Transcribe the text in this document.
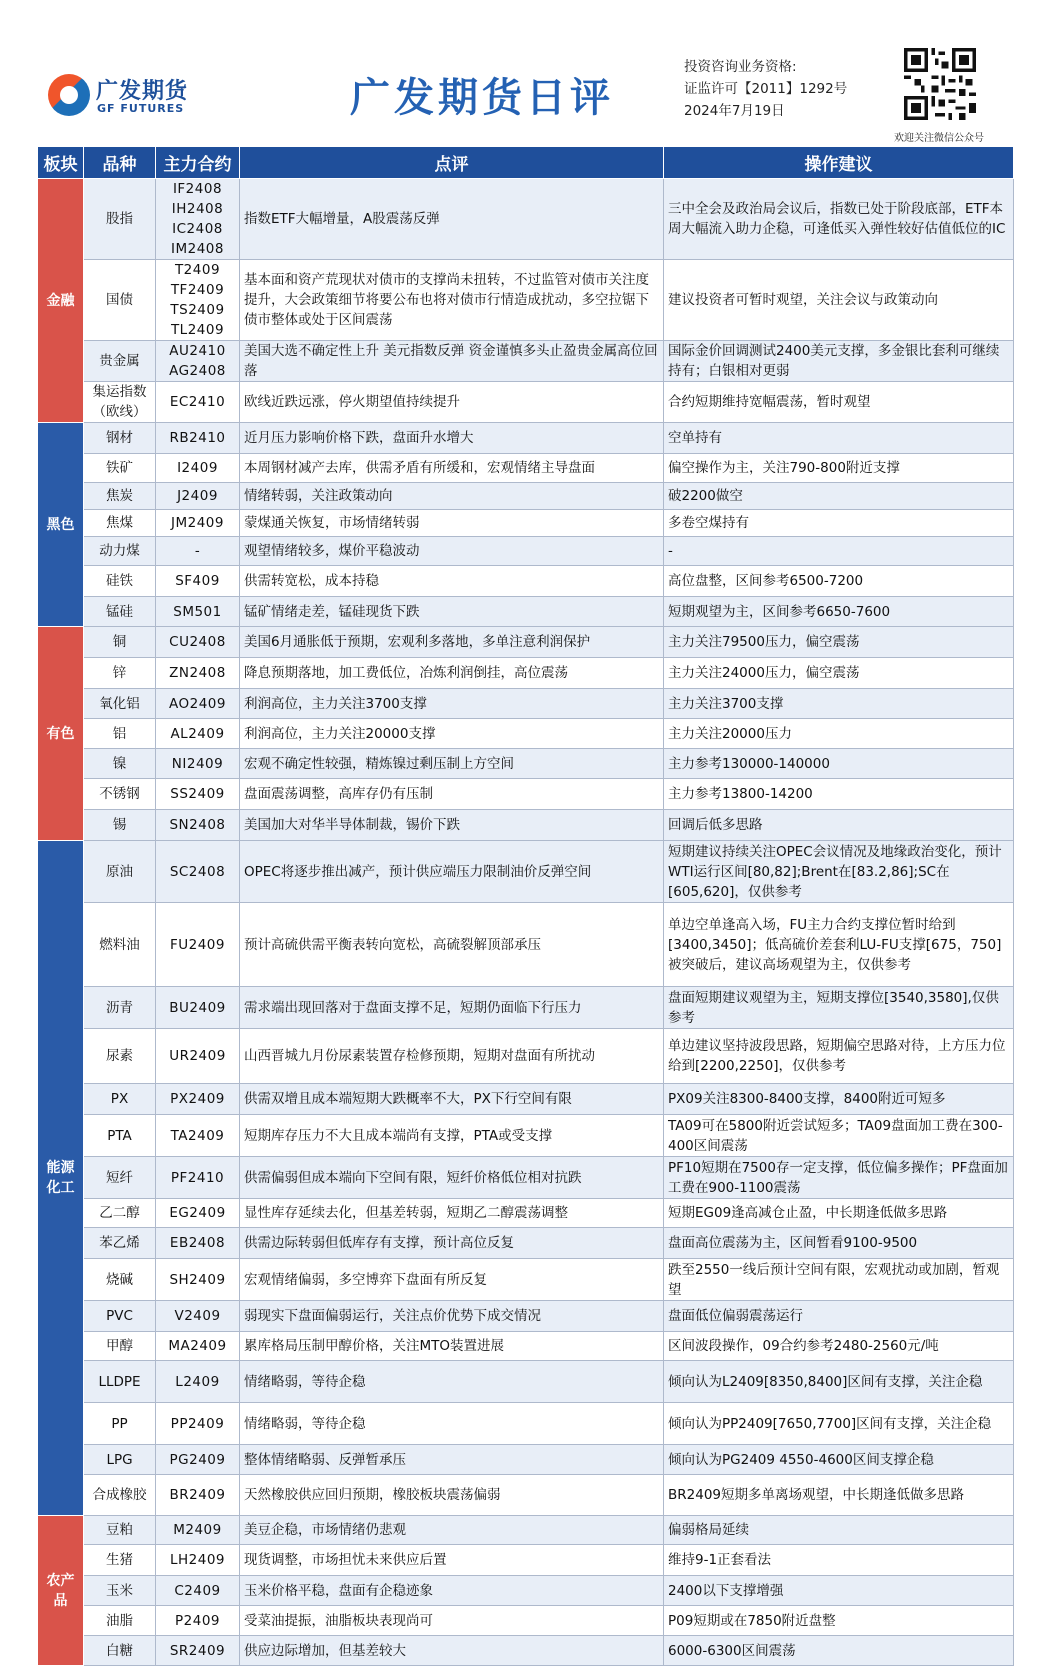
广发期货
GF FUTURES	广发期货日评
投资咨询业务资格:
证监许可【2011】1292号
2024年7月19日
欢迎关注微信公众号
板块	品种	主力合约	点评	操作建议
金融	股指	IF2408
IH2408
IC2408
IM2408	指数ETF大幅增量，A股震荡反弹	三中全会及政治局会议后，指数已处于阶段底部，ETF本周大幅流入助力企稳，可逢低买入弹性较好估值低位的IC
	国债	T2409
TF2409
TS2409
TL2409	基本面和资产荒现状对债市的支撑尚未扭转，不过监管对债市关注度提升，大会政策细节将要公布也将对债市行情造成扰动，多空拉锯下债市整体或处于区间震荡	建议投资者可暂时观望，关注会议与政策动向
	贵金属	AU2410
AG2408	美国大选不确定性上升 美元指数反弹 资金谨慎多头止盈贵金属高位回落	国际金价回调测试2400美元支撑，多金银比套利可继续持有；白银相对更弱
	集运指数（欧线）	EC2410	欧线近跌远涨，停火期望值持续提升	合约短期维持宽幅震荡，暂时观望
黑色	钢材	RB2410	近月压力影响价格下跌，盘面升水增大	空单持有
	铁矿	I2409	本周钢材减产去库，供需矛盾有所缓和，宏观情绪主导盘面	偏空操作为主，关注790-800附近支撑
	焦炭	J2409	情绪转弱，关注政策动向	破2200做空
	焦煤	JM2409	蒙煤通关恢复，市场情绪转弱	多卷空煤持有
	动力煤	-	观望情绪较多，煤价平稳波动	-
	硅铁	SF409	供需转宽松，成本持稳	高位盘整，区间参考6500-7200
	锰硅	SM501	锰矿情绪走差，锰硅现货下跌	短期观望为主，区间参考6650-7600
有色	铜	CU2408	美国6月通胀低于预期，宏观利多落地，多单注意利润保护	主力关注79500压力，偏空震荡
	锌	ZN2408	降息预期落地，加工费低位，冶炼利润倒挂，高位震荡	主力关注24000压力，偏空震荡
	氧化铝	AO2409	利润高位，主力关注3700支撑	主力关注3700支撑
	铝	AL2409	利润高位，主力关注20000支撑	主力关注20000压力
	镍	NI2409	宏观不确定性较强，精炼镍过剩压制上方空间	主力参考130000-140000
	不锈钢	SS2409	盘面震荡调整，高库存仍有压制	主力参考13800-14200
	锡	SN2408	美国加大对华半导体制裁，锡价下跌	回调后低多思路
能源
化工	原油	SC2408	OPEC将逐步推出减产，预计供应端压力限制油价反弹空间	短期建议持续关注OPEC会议情况及地缘政治变化，预计WTI运行区间[80,82];Brent在[83.2,86];SC在[605,620]，仅供参考
	燃料油	FU2409	预计高硫供需平衡表转向宽松，高硫裂解顶部承压	单边空单逢高入场，FU主力合约支撑位暂时给到[3400,3450]；低高硫价差套利LU-FU支撑[675，750]被突破后，建议高场观望为主，仅供参考
	沥青	BU2409	需求端出现回落对于盘面支撑不足，短期仍面临下行压力	盘面短期建议观望为主，短期支撑位[3540,3580],仅供参考
	尿素	UR2409	山西晋城九月份尿素装置存检修预期，短期对盘面有所扰动	单边建议坚持波段思路，短期偏空思路对待，上方压力位给到[2200,2250]，仅供参考
	PX	PX2409	供需双增且成本端短期大跌概率不大，PX下行空间有限	PX09关注8300-8400支撑，8400附近可短多
	PTA	TA2409	短期库存压力不大且成本端尚有支撑，PTA或受支撑	TA09可在5800附近尝试短多；TA09盘面加工费在300-400区间震荡
	短纤	PF2410	供需偏弱但成本端向下空间有限，短纤价格低位相对抗跌	PF10短期在7500存一定支撑，低位偏多操作；PF盘面加工费在900-1100震荡
	乙二醇	EG2409	显性库存延续去化，但基差转弱，短期乙二醇震荡调整	短期EG09逢高减仓止盈，中长期逢低做多思路
	苯乙烯	EB2408	供需边际转弱但低库存有支撑，预计高位反复	盘面高位震荡为主，区间暂看9100-9500
	烧碱	SH2409	宏观情绪偏弱，多空博弈下盘面有所反复	跌至2550一线后预计空间有限，宏观扰动或加剧，暂观望
	PVC	V2409	弱现实下盘面偏弱运行，关注点价优势下成交情况	盘面低位偏弱震荡运行
	甲醇	MA2409	累库格局压制甲醇价格，关注MTO装置进展	区间波段操作，09合约参考2480-2560元/吨
	LLDPE	L2409	情绪略弱，等待企稳	倾向认为L2409[8350,8400]区间有支撑，关注企稳
	PP	PP2409	情绪略弱，等待企稳	倾向认为PP2409[7650,7700]区间有支撑，关注企稳
	LPG	PG2409	整体情绪略弱、反弹暂承压	倾向认为PG2409 4550-4600区间支撑企稳
	合成橡胶	BR2409	天然橡胶供应回归预期，橡胶板块震荡偏弱	BR2409短期多单离场观望，中长期逢低做多思路
农产
品	豆粕	M2409	美豆企稳，市场情绪仍悲观	偏弱格局延续
	生猪	LH2409	现货调整，市场担忧未来供应后置	维持9-1正套看法
	玉米	C2409	玉米价格平稳，盘面有企稳迹象	2400以下支撑增强
	油脂	P2409	受菜油提振，油脂板块表现尚可	P09短期或在7850附近盘整
	白糖	SR2409	供应边际增加，但基差较大	6000-6300区间震荡
